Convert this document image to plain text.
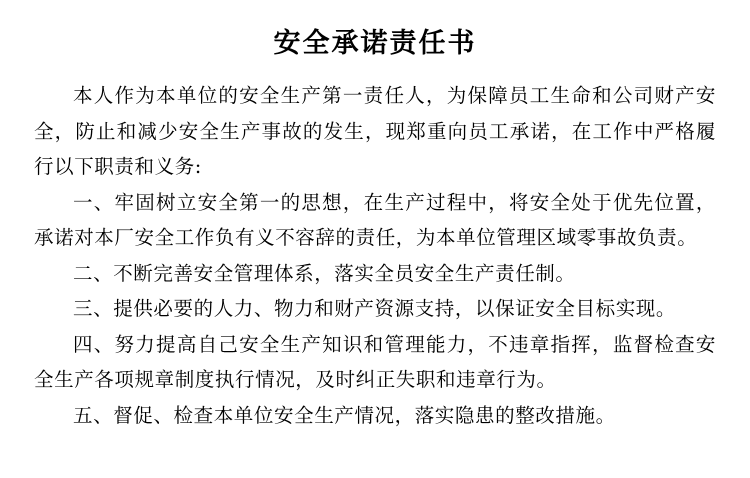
安全承诺责任书

本人作为本单位的安全生产第一责任人，为保障员工生命和公司财产安全，防止和减少安全生产事故的发生，现郑重向员工承诺，在工作中严格履行以下职责和义务:

一、牢固树立安全第一的思想，在生产过程中，将安全处于优先位置，承诺对本厂安全工作负有义不容辞的责任，为本单位管理区域零事故负责。

二、不断完善安全管理体系，落实全员安全生产责任制。

三、提供必要的人力、物力和财产资源支持，以保证安全目标实现。

四、努力提高自己安全生产知识和管理能力，不违章指挥，监督检查安全生产各项规章制度执行情况，及时纠正失职和违章行为。

五、督促、检查本单位安全生产情况，落实隐患的整改措施。
